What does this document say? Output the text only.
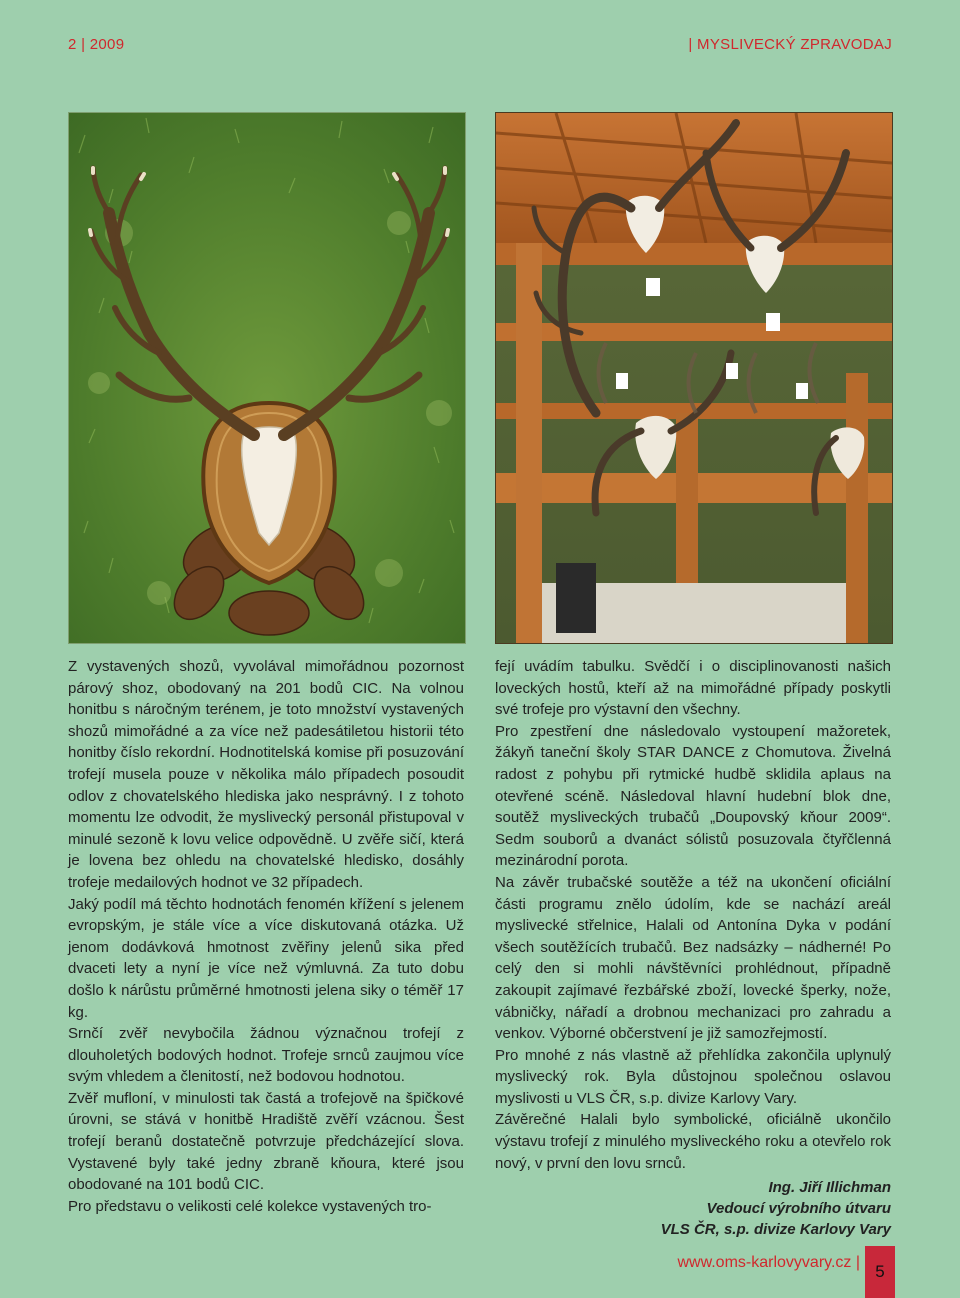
2 | 2009	| MYSLIVECKÝ ZPRAVODAJ

Z vystavených shozů, vyvolával mimořádnou pozornost párový shoz, obodovaný na 201 bodů CIC. Na volnou honitbu s náročným terénem, je toto množství vystavených shozů mimořádné a za více než padesátiletou historii této honitby číslo rekordní. Hodnotitelská komise při posuzování trofejí musela pouze v několika málo případech posoudit odlov z chovatelského hlediska jako nesprávný. I z tohoto momentu lze odvodit, že myslivecký personál přistupoval v minulé sezoně k lovu velice odpovědně. U zvěře sičí, která je lovena bez ohledu na chovatelské hledisko, dosáhly trofeje medailových hodnot ve 32 případech.

Jaký podíl má těchto hodnotách fenomén křížení s jelenem evropským, je stále více a více diskutovaná otázka. Už jenom dodávková hmotnost zvěřiny jelenů sika před dvaceti lety a nyní je více než výmluvná. Za tuto dobu došlo k nárůstu průměrné hmotnosti jelena siky o téměř 17 kg.

Srnčí zvěř nevybočila žádnou význačnou trofejí z dlouholetých bodových hodnot. Trofeje srnců zaujmou více svým vhledem a členitostí, než bodovou hodnotou.

Zvěř mufloní, v minulosti tak častá a trofejově na špičkové úrovni, se stává v honitbě Hradiště zvěří vzácnou. Šest trofejí beranů dostatečně potvrzuje předcházející slova. Vystavené byly také jedny zbraně kňoura, které jsou obodované na 101 bodů CIC.

Pro představu o velikosti celé kolekce vystavených tro-

fejí uvádím tabulku. Svědčí i o disciplinovanosti našich loveckých hostů, kteří až na mimořádné případy poskytli své trofeje pro výstavní den všechny.

Pro zpestření dne následovalo vystoupení mažoretek, žákyň taneční školy STAR DANCE z Chomutova. Živelná radost z pohybu při rytmické hudbě sklidila aplaus na otevřené scéně. Následoval hlavní hudební blok dne, soutěž mysliveckých trubačů „Doupovský kňour 2009“. Sedm souborů a dvanáct sólistů posuzovala čtyřčlenná mezinárodní porota.

Na závěr trubačské soutěže a též na ukončení oficiální části programu znělo údolím, kde se nachází areál myslivecké střelnice, Halali od Antonína Dyka v podání všech soutěžících trubačů. Bez nadsázky – nádherné! Po celý den si mohli návštěvníci prohlédnout, případně zakoupit zajímavé řezbářské zboží, lovecké šperky, nože, vábničky, nářadí a drobnou mechanizaci pro zahradu a venkov. Výborné občerstvení je již samozřejmostí.

Pro mnohé z nás vlastně až přehlídka zakončila uplynulý myslivecký rok. Byla důstojnou společnou oslavou myslivosti u VLS ČR, s.p. divize Karlovy Vary.

Závěrečné Halali bylo symbolické, oficiálně ukončilo výstavu trofejí z minulého mysliveckého roku a otevřelo rok nový, v první den lovu srnců.

Ing. Jiří Illichman
Vedoucí výrobního útvaru
VLS ČR, s.p. divize Karlovy Vary
www.oms-karlovyvary.cz | 5
